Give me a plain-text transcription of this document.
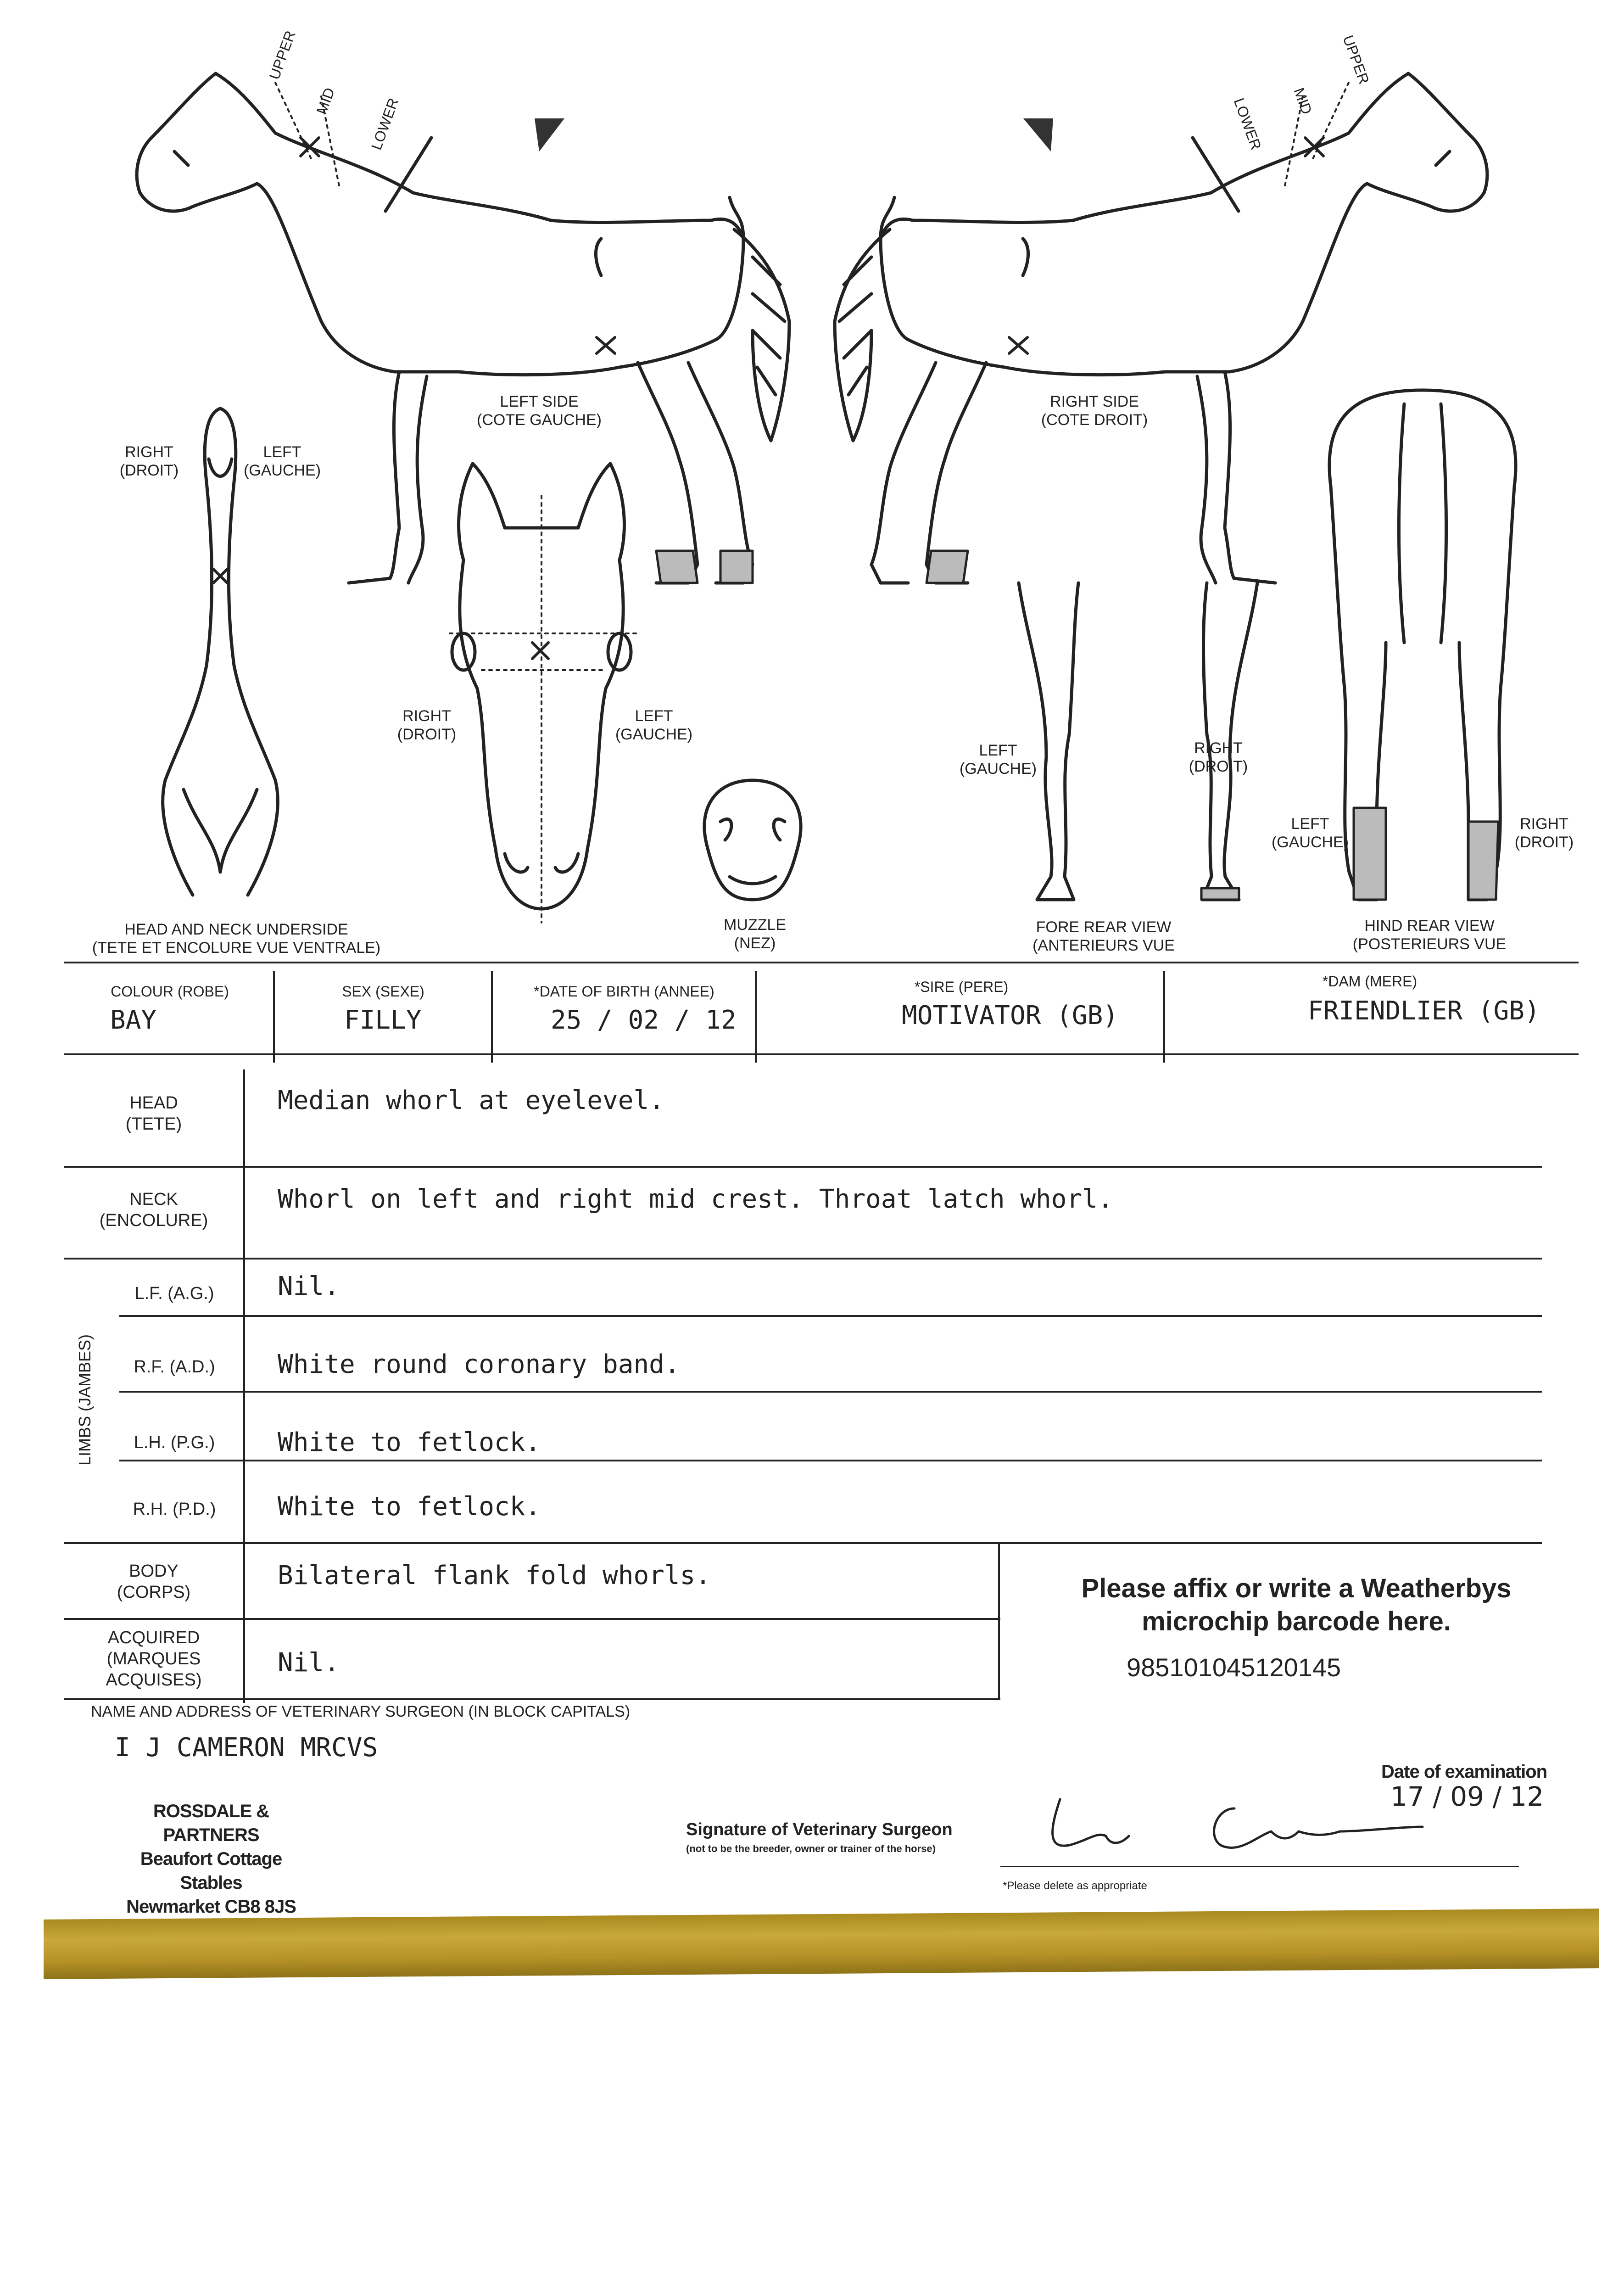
UPPER
MID LOWER
UPPER
MID
LOWER
LEFT SIDE
(COTE GAUCHE)
RIGHT SIDE
(COTE DROIT)
RIGHT
(DROIT)
LEFT
(GAUCHE)
HEAD AND NECK UNDERSIDE
(TETE ET ENCOLURE VUE VENTRALE)
RIGHT
(DROIT)
LEFT
(GAUCHE)
MUZZLE
(NEZ)
LEFT
(GAUCHE)
RIGHT
(DROIT)
FORE REAR VIEW
(ANTERIEURS VUE
LEFT
(GAUCHE)
RIGHT
(DROIT)
HIND REAR VIEW
(POSTERIEURS VUE
COLOUR (ROBE)
BAY
SEX (SEXE)
FILLY
*DATE OF BIRTH (ANNEE)
25 / 02 / 12
*SIRE (PERE)
MOTIVATOR (GB)
*DAM (MERE)
FRIENDLIER (GB)
HEAD
(TETE)
Median whorl at eyelevel.
NECK
(ENCOLURE)
Whorl on left and right mid crest. Throat latch whorl.
LIMBS (JAMBES)
L.F. (A.G.)	Nil.
R.F. (A.D.)	White round coronary band.
L.H. (P.G.)	White to fetlock.
R.H. (P.D.)	White to fetlock.
BODY
(CORPS)
Bilateral flank fold whorls.
ACQUIRED
(MARQUES
ACQUISES)
Nil.
Please affix or write a Weatherbys
microchip barcode here.
985101045120145
NAME AND ADDRESS OF VETERINARY SURGEON (IN BLOCK CAPITALS)
I J CAMERON MRCVS
ROSSDALE & PARTNERS
Beaufort Cottage Stables
Newmarket CB8 8JS
Signature of Veterinary Surgeon
(not to be the breeder, owner or trainer of the horse)
Date of examination
17 / 09 / 12
*Please delete as appropriate
